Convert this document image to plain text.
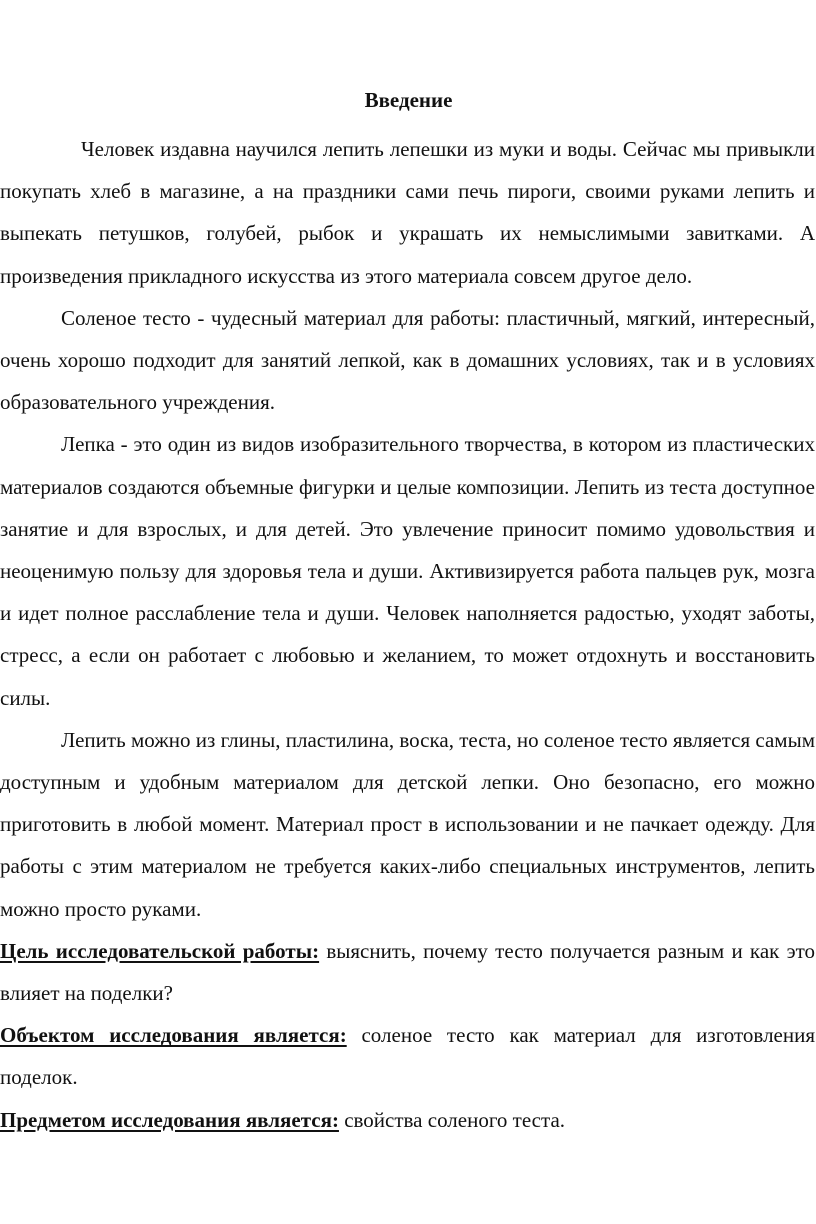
Введение

Человек издавна научился лепить лепешки из муки и воды. Сейчас мы привыкли покупать хлеб в магазине, а на праздники сами печь пироги, своими руками лепить и выпекать петушков, голубей, рыбок и украшать их немыслимыми завитками. А произведения прикладного искусства из этого материала совсем другое дело.

Соленое тесто - чудесный материал для работы: пластичный, мягкий, интересный, очень хорошо подходит для занятий лепкой, как в домашних условиях, так и в условиях образовательного учреждения.

Лепка - это один из видов изобразительного творчества, в котором из пластических материалов создаются объемные фигурки и целые композиции. Лепить из теста доступное занятие и для взрослых, и для детей. Это увлечение приносит помимо удовольствия и неоценимую пользу для здоровья тела и души. Активизируется работа пальцев рук, мозга и идет полное расслабление тела и души. Человек наполняется радостью, уходят заботы, стресс, а если он работает с любовью и желанием, то может отдохнуть и восстановить силы.

Лепить можно из глины, пластилина, воска, теста, но соленое тесто является самым доступным и удобным материалом для детской лепки. Оно безопасно, его можно приготовить в любой момент. Материал прост в использовании и не пачкает одежду. Для работы с этим материалом не требуется каких-либо специальных инструментов, лепить можно просто руками.

Цель исследовательской работы: выяснить, почему тесто получается разным и как это влияет на поделки?

Объектом исследования является: соленое тесто как материал для изготовления поделок.

Предметом исследования является: свойства соленого теста.
